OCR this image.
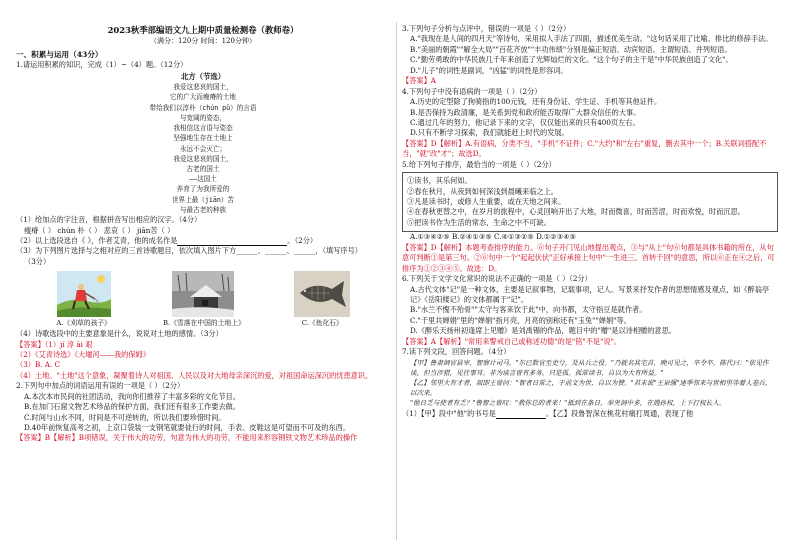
2023秋季部编语文九上期中质量检测卷（教师卷）
（满分：120分 时间：120分钟）
一、积累与运用（43分）
1.请运用积累的知识，完成（1）~（4）题。（12分）
北方（节选）
我爱这悲哀的国土，
它的广大而瘦瘠的土地
带给我们以淳朴（chún pǔ）的言语
与宽阔的姿态，
我相信这言语与姿态
坚强地生存在土地上
永远不会灭亡；
我爱这悲哀的国土，
古老的国土
——这国土
养育了为我所爱的
世界上最（jiān）苦
与最古老的种族
（1）给加点的字注音，根据拼音写出相应的汉字。（4分）
瘦瘠（ ） chún 朴（ ） 悲哀（ ） jiān苦（ ）
（2）以上选段选自《 》，作者艾青，他的成名作是	。（2分）
（3）为下列图片选择与之相对应的三首诗歌题目，依次填入图片下方______、______、______，（填写序号）
（3分）
A.《刈草的孩子》	B.《雪落在中国的土地上》	C.《鱼化石》
（4）诗歌选段中的主要意象是什么，说说对土地的感情。（3分）
【答案】（1）jí 淳 āi 艰
（2）《艾青诗选》《大堰河——我的保姆》
（3）B. A. C
（4）土地。"土地"这个意象，凝聚着诗人对祖国、人民以及对大地母亲深沉的爱，对祖国命运深沉的忧患意识。
2.下列句中加点的词语运用有误的一项是（ ）（2分）
A.本次本市民间的社团活动，我向你们推荐了丰富多彩的文化节目。
B.在加门石窟文物艺术珍品的保护方面，我们还有很多工作要去做。
C.时间与山水不同，时间是不可逆转的，所以我们要珍惜时间。
D.40年前恢复高考之初，上京口袋装一支钢笔就要徒行的时间，手表、皮鞋这是可望而不可及的东西。
【答案】B【解析】B项错误，关于伟大的功劳，句意为伟大的功劳，不能用来形容钢铁文物艺术珍品的操作
3.下列句子分析与点评中，错误的一项是（ ）（2分）
A."我现在是人间的四月天"等诗句，采用拟人手法了四面，描述优美生动。"这句话采用了比喻、排比的修辞手法。
B."美丽的朝霞""解全大局""百花齐放""丰功伟绩"分别是偏正短语、动宾短语、主谓短语、并列短语。
C."勤劳勇敢的中华民族几千年来创造了光辉灿烂的文化。"这个句子的主干是"中华民族创造了文化"。
D."儿子"的词性是副词，"凶猛"的词性是形容词。
【答案】A
4.下列句子中没有语病的一项是（ ）（2分）
A.历史的定型除了狗骑指的100元钱，还有身份证、学生证、手机等其他证件。
B.是否保持为政清廉，是关系到党和政府能否取得广大群众信任的大事。
C.通过几年的努力，他记录下来的文字，仅仅能出来的只有400页左右。
D.只有不断学习探索，我们就能赶上时代的发展。
【答案】D【解析】A.有语病，分类不当，"手机"不证件；C."大约"和"左右"重复，删去其中一个；B.关联词搭配不当，"就"改"才"；故选D。
5.给下列句子排序，最恰当的一项是（ ）（2分）
①读书，其乐何如。
②春在秋月，从夜到如何深浅到晨曦来临之上。
③凡是读书时，或修人生重要，或在天地之间来。
④在春秋更替之中，在岁月的旅程中，心灵回响开出了大地，时而微喜，时而苦涩，时而欢悦，时而沉思。
⑤把读书作为生活的常态，生命之中不可缺。
A.①③④②⑤ B.②④①③⑤ C.④①③②⑤ D.①②③④⑤
【答案】D【解析】本题考查排序的能力。⑥句子开门见山地提出观点，③与"从上"句⑥句都是具体书籍的所在，从句意可判断①是第三句。②⑥句中一个"起起伏伏"正好承接上句中"一生进三，首转千回"的意思，所以⑥正在④之后，可排序为①②③④⑤。故选：D。
6.下列关于文学文化常识的说法不正确的一项是（ ）（2分）
A.古代文体"记"是一种文体，主要是记叙事物，记载事项，记人。写景来抒发作者的思想情感及观点，如《醉翁亭记》《岳阳楼记》的文体都属于"记"。
B."水兰不愧不殆骨""太守与客来饮于此"中，向书都，太守指豆是就作者。
C."千里共婵娟"里的"婵娟"指月亮，月亮的别称还有"玉兔""婵娟"等。
D.《醉乐天扬州初逢席上见赠》是刘禹锡的作品，题目中的"赠"是以诗相赠的意思。
【答案】A【解析】"常用来警戒自己或称述功德"的是"铭"不是"说"。
7.读下列文段，回答问题。（4分）
【甲】鲁肃调官县宰，智察计司马。"尔已数官至吏兮，及从兵之役。"乃就名其宅首，晚可见之，卒令卒。陈代曰："依见作谈，但当涉猎，见往事耳。非为谈言曾有多务，只是孤。孤常读书，自以为大有所益。"
【乙】邻里大有才者，叔即王曾问："智者日常之，于前文为世，自以为赞。"君未说"王泉强"速季邻来与世相里等着人卷兵，以次来。
"他日乏与使者有乏？"鲁智之曾叹："教你总的者来！"抵到在条日，奉夹洞中多，在遇孙权，上下打权长人。
（1）【甲】段中"他"的书号是	。【乙】段鲁智深在桃花村痛打周通，表现了他
